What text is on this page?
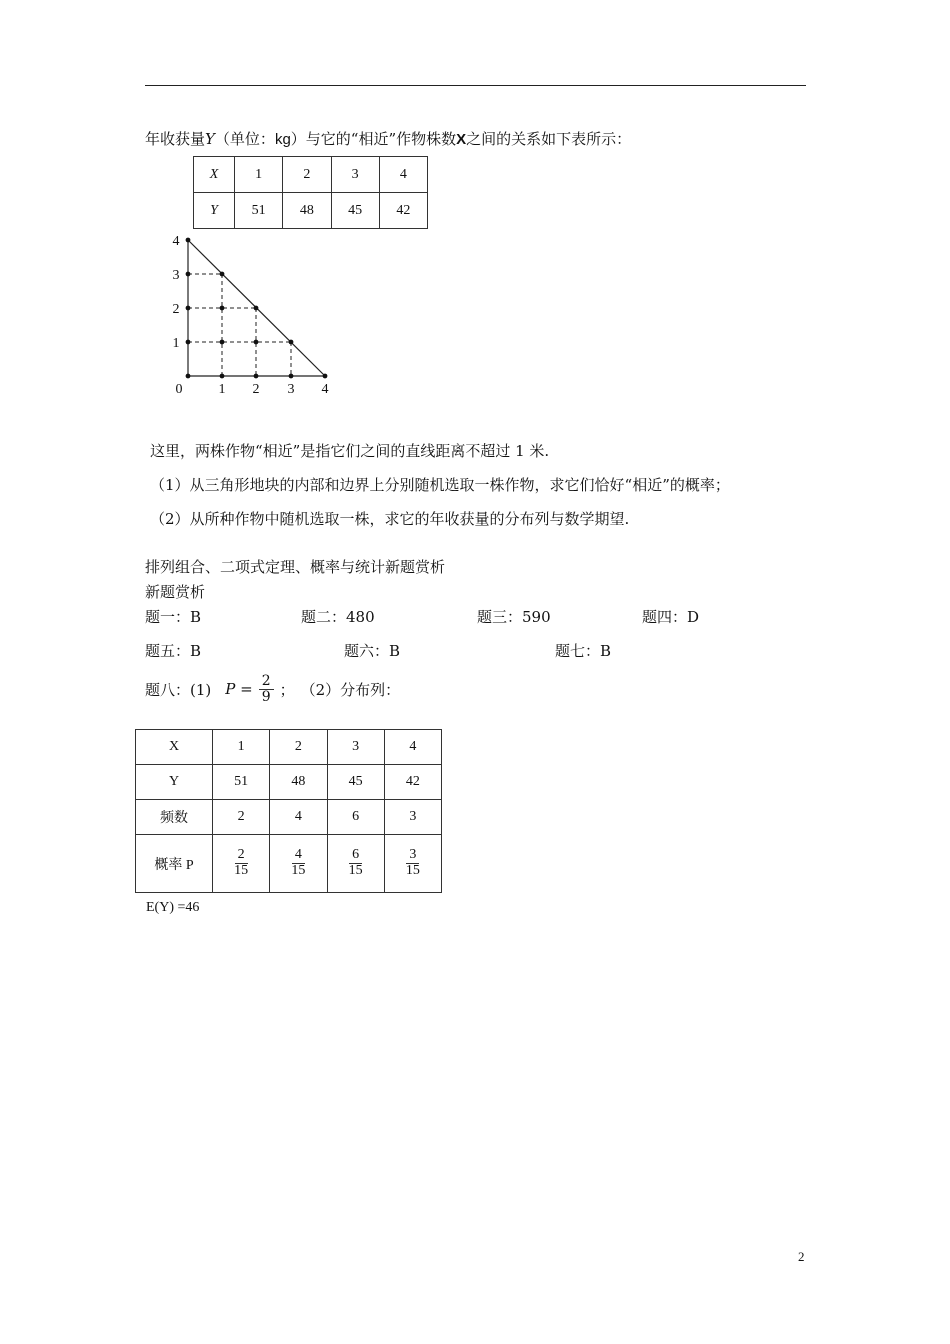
年收获量Y（单位：kg）与它的“相近”作物株数X之间的关系如下表所示：
X	1	2	3	4
Y	51	48	45	42
4
3
2
1
0	1 2 3 4
这里，两株作物“相近”是指它们之间的直线距离不超过 1 米.
（1）从三角形地块的内部和边界上分别随机选取一株作物，求它们恰好“相近”的概率；
（2）从所种作物中随机选取一株，求它的年收获量的分布列与数学期望.
排列组合、二项式定理、概率与统计新题赏析
新题赏析
题一：B	题二：480	题三：590	题四：D
题五：B	题六：B	题七：B
题八：(1) $P = \frac{2}{9}$ ； （2）分布列：
X	1	2	3	4
Y	51	48	45	42
频数	2	4	6	3
概率 P	$\frac{2}{15}$	$\frac{4}{15}$	$\frac{6}{15}$	$\frac{3}{15}$
E(Y) =46
2
